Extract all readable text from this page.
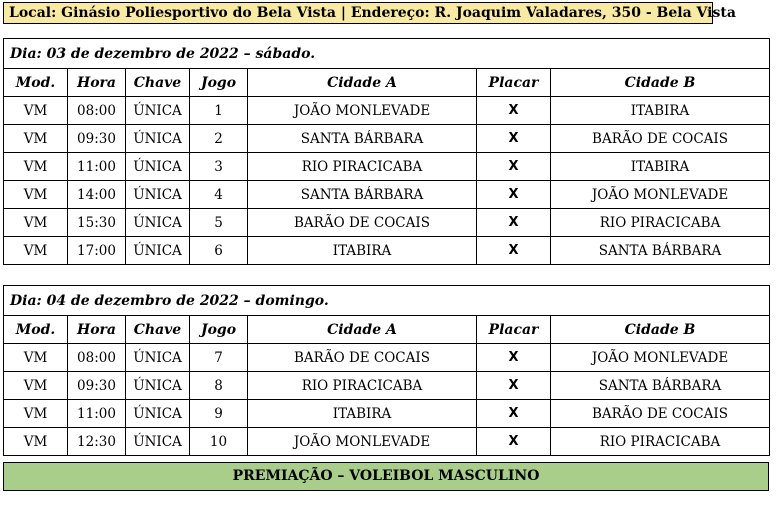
Local: Ginásio Poliesportivo do Bela Vista | Endereço: R. Joaquim Valadares, 350 - Bela Vista
Dia: 03 de dezembro de 2022 – sábado.						
Mod.	Hora	Chave	Jogo	Cidade A	Placar	Cidade B
VM	08:00	ÚNICA	1	JOÃO MONLEVADE	X	ITABIRA
VM	09:30	ÚNICA	2	SANTA BÁRBARA	X	BARÃO DE COCAIS
VM	11:00	ÚNICA	3	RIO PIRACICABA	X	ITABIRA
VM	14:00	ÚNICA	4	SANTA BÁRBARA	X	JOÃO MONLEVADE
VM	15:30	ÚNICA	5	BARÃO DE COCAIS	X	RIO PIRACICABA
VM	17:00	ÚNICA	6	ITABIRA	X	SANTA BÁRBARA
Dia: 04 de dezembro de 2022 – domingo.						
Mod.	Hora	Chave	Jogo	Cidade A	Placar	Cidade B
VM	08:00	ÚNICA	7	BARÃO DE COCAIS	X	JOÃO MONLEVADE
VM	09:30	ÚNICA	8	RIO PIRACICABA	X	SANTA BÁRBARA
VM	11:00	ÚNICA	9	ITABIRA	X	BARÃO DE COCAIS
VM	12:30	ÚNICA	10	JOÃO MONLEVADE	X	RIO PIRACICABA
PREMIAÇÃO – VOLEIBOL MASCULINO
